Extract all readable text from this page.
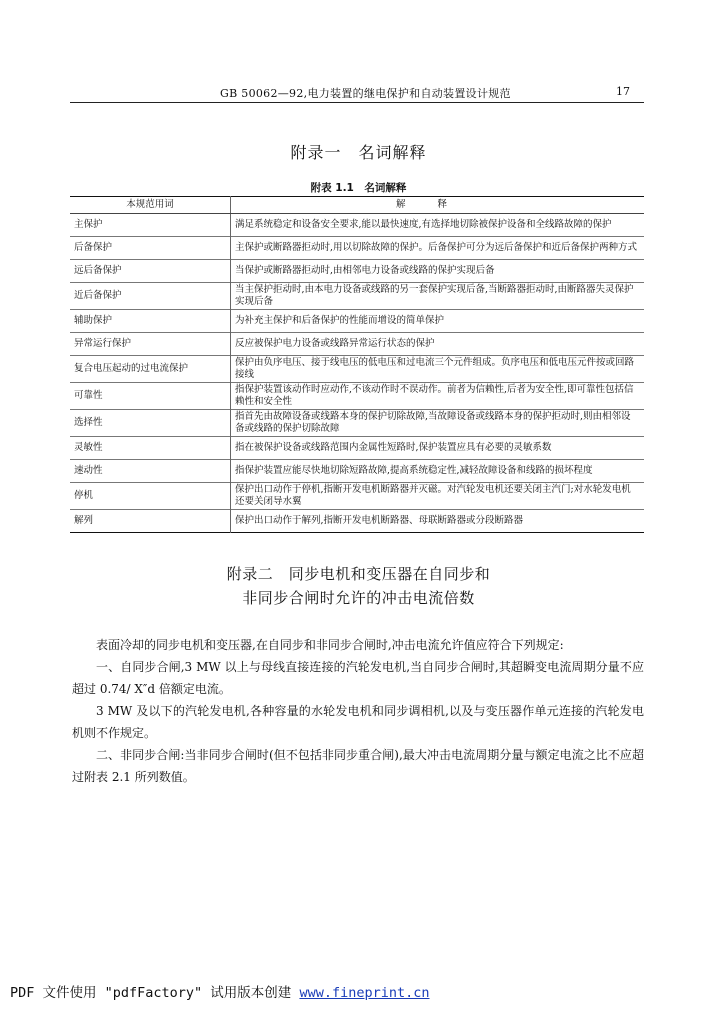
GB 50062—92,电力装置的继电保护和自动装置设计规范	17
附录一　名词解释
附表 1.1　名词解释
本规范用词	解释
主保护	满足系统稳定和设备安全要求,能以最快速度,有选择地切除被保护设备和全线路故障的保护
后备保护	主保护或断路器拒动时,用以切除故障的保护。后备保护可分为远后备保护和近后备保护两种方式
远后备保护	当保护或断路器拒动时,由相邻电力设备或线路的保护实现后备
近后备保护	当主保护拒动时,由本电力设备或线路的另一套保护实现后备,当断路器拒动时,由断路器失灵保护实现后备
辅助保护	为补充主保护和后备保护的性能而增设的简单保护
异常运行保护	反应被保护电力设备或线路异常运行状态的保护
复合电压起动的过电流保护	保护由负序电压、接于线电压的低电压和过电流三个元件组成。负序电压和低电压元件按或回路接线
可靠性	指保护装置该动作时应动作,不该动作时不误动作。前者为信赖性,后者为安全性,即可靠性包括信赖性和安全性
选择性	指首先由故障设备或线路本身的保护切除故障,当故障设备或线路本身的保护拒动时,则由相邻设备或线路的保护切除故障
灵敏性	指在被保护设备或线路范围内金属性短路时,保护装置应具有必要的灵敏系数
速动性	指保护装置应能尽快地切除短路故障,提高系统稳定性,减轻故障设备和线路的损坏程度
停机	保护出口动作于停机,指断开发电机断路器并灭磁。对汽轮发电机还要关闭主汽门;对水轮发电机还要关闭导水翼
解列	保护出口动作于解列,指断开发电机断路器、母联断路器或分段断路器
附录二　同步电机和变压器在自同步和
非同步合闸时允许的冲击电流倍数

表面冷却的同步电机和变压器,在自同步和非同步合闸时,冲击电流允许值应符合下列规定:

一、自同步合闸,3 MW 以上与母线直接连接的汽轮发电机,当自同步合闸时,其超瞬变电流周期分量不应超过 0.74/ X″d 倍额定电流。

3 MW 及以下的汽轮发电机,各种容量的水轮发电机和同步调相机,以及与变压器作单元连接的汽轮发电机则不作规定。

二、非同步合闸:当非同步合闸时(但不包括非同步重合闸),最大冲击电流周期分量与额定电流之比不应超过附表 2.1 所列数值。

PDF 文件使用 "pdfFactory" 试用版本创建 www.fineprint.cn
